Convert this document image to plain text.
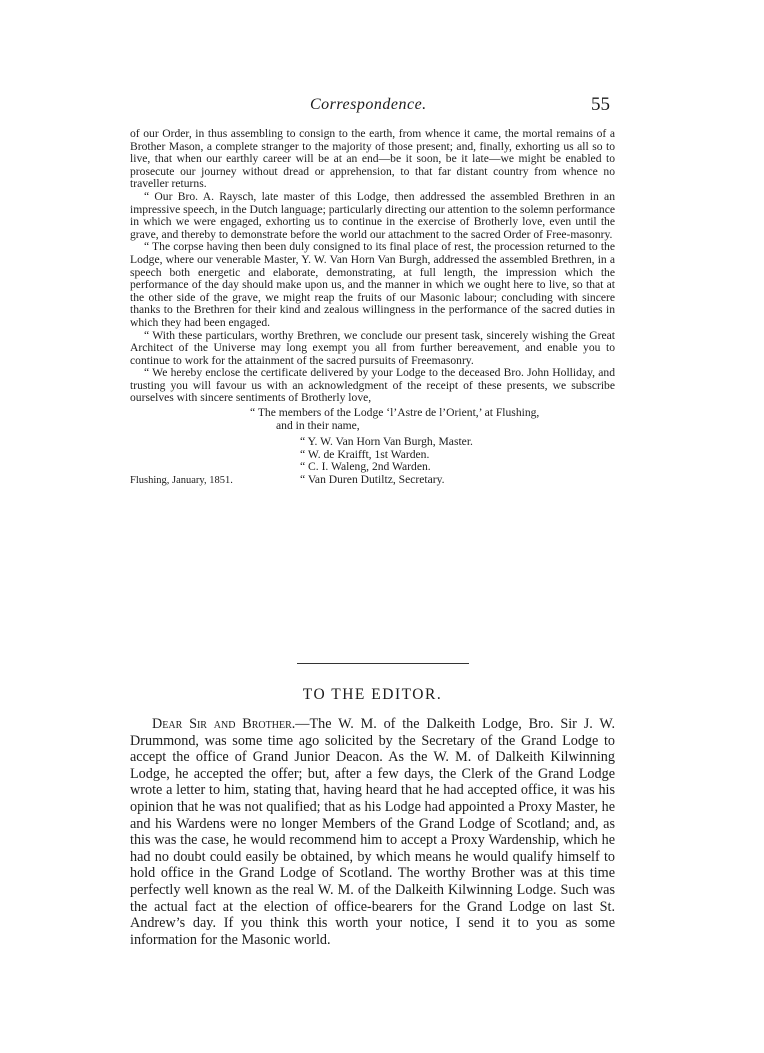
Correspondence.	55

of our Order, in thus assembling to consign to the earth, from whence it came, the mortal remains of a Brother Mason, a complete stranger to the majority of those present; and, finally, exhorting us all so to live, that when our earthly career will be at an end—be it soon, be it late—we might be enabled to prosecute our journey without dread or apprehension, to that far distant country from whence no traveller returns.

“ Our Bro. A. Raysch, late master of this Lodge, then addressed the assembled Brethren in an impressive speech, in the Dutch language; particularly directing our attention to the solemn performance in which we were engaged, exhorting us to continue in the exercise of Brotherly love, even until the grave, and thereby to demonstrate before the world our attachment to the sacred Order of Free-masonry.

“ The corpse having then been duly consigned to its final place of rest, the procession returned to the Lodge, where our venerable Master, Y. W. Van Horn Van Burgh, addressed the assembled Brethren, in a speech both energetic and elaborate, demonstrating, at full length, the impression which the performance of the day should make upon us, and the manner in which we ought here to live, so that at the other side of the grave, we might reap the fruits of our Masonic labour; concluding with sincere thanks to the Brethren for their kind and zealous willingness in the performance of the sacred duties in which they had been engaged.

“ With these particulars, worthy Brethren, we conclude our present task, sincerely wishing the Great Architect of the Universe may long exempt you all from further bereavement, and enable you to continue to work for the attainment of the sacred pursuits of Freemasonry.

“ We hereby enclose the certificate delivered by your Lodge to the deceased Bro. John Holliday, and trusting you will favour us with an acknowledgment of the receipt of these presents, we subscribe ourselves with sincere sentiments of Brotherly love,

“ The members of the Lodge ‘l’Astre de l’Orient,’ at Flushing,
and in their name,
“ Y. W. Van Horn Van Burgh, Master.
“ W. de Kraifft, 1st Warden.
“ C. I. Waleng, 2nd Warden.
“ Van Duren Dutiltz, Secretary.
Flushing, January, 1851.
TO THE EDITOR.

Dear Sir and Brother.—The W. M. of the Dalkeith Lodge, Bro. Sir J. W. Drummond, was some time ago solicited by the Secretary of the Grand Lodge to accept the office of Grand Junior Deacon. As the W. M. of Dalkeith Kilwinning Lodge, he accepted the offer; but, after a few days, the Clerk of the Grand Lodge wrote a letter to him, stating that, having heard that he had accepted office, it was his opinion that he was not qualified; that as his Lodge had appointed a Proxy Master, he and his Wardens were no longer Members of the Grand Lodge of Scotland; and, as this was the case, he would recommend him to accept a Proxy Wardenship, which he had no doubt could easily be obtained, by which means he would qualify himself to hold office in the Grand Lodge of Scotland. The worthy Brother was at this time perfectly well known as the real W. M. of the Dalkeith Kilwinning Lodge. Such was the actual fact at the election of office-bearers for the Grand Lodge on last St. Andrew’s day. If you think this worth your notice, I send it to you as some information for the Masonic world.
